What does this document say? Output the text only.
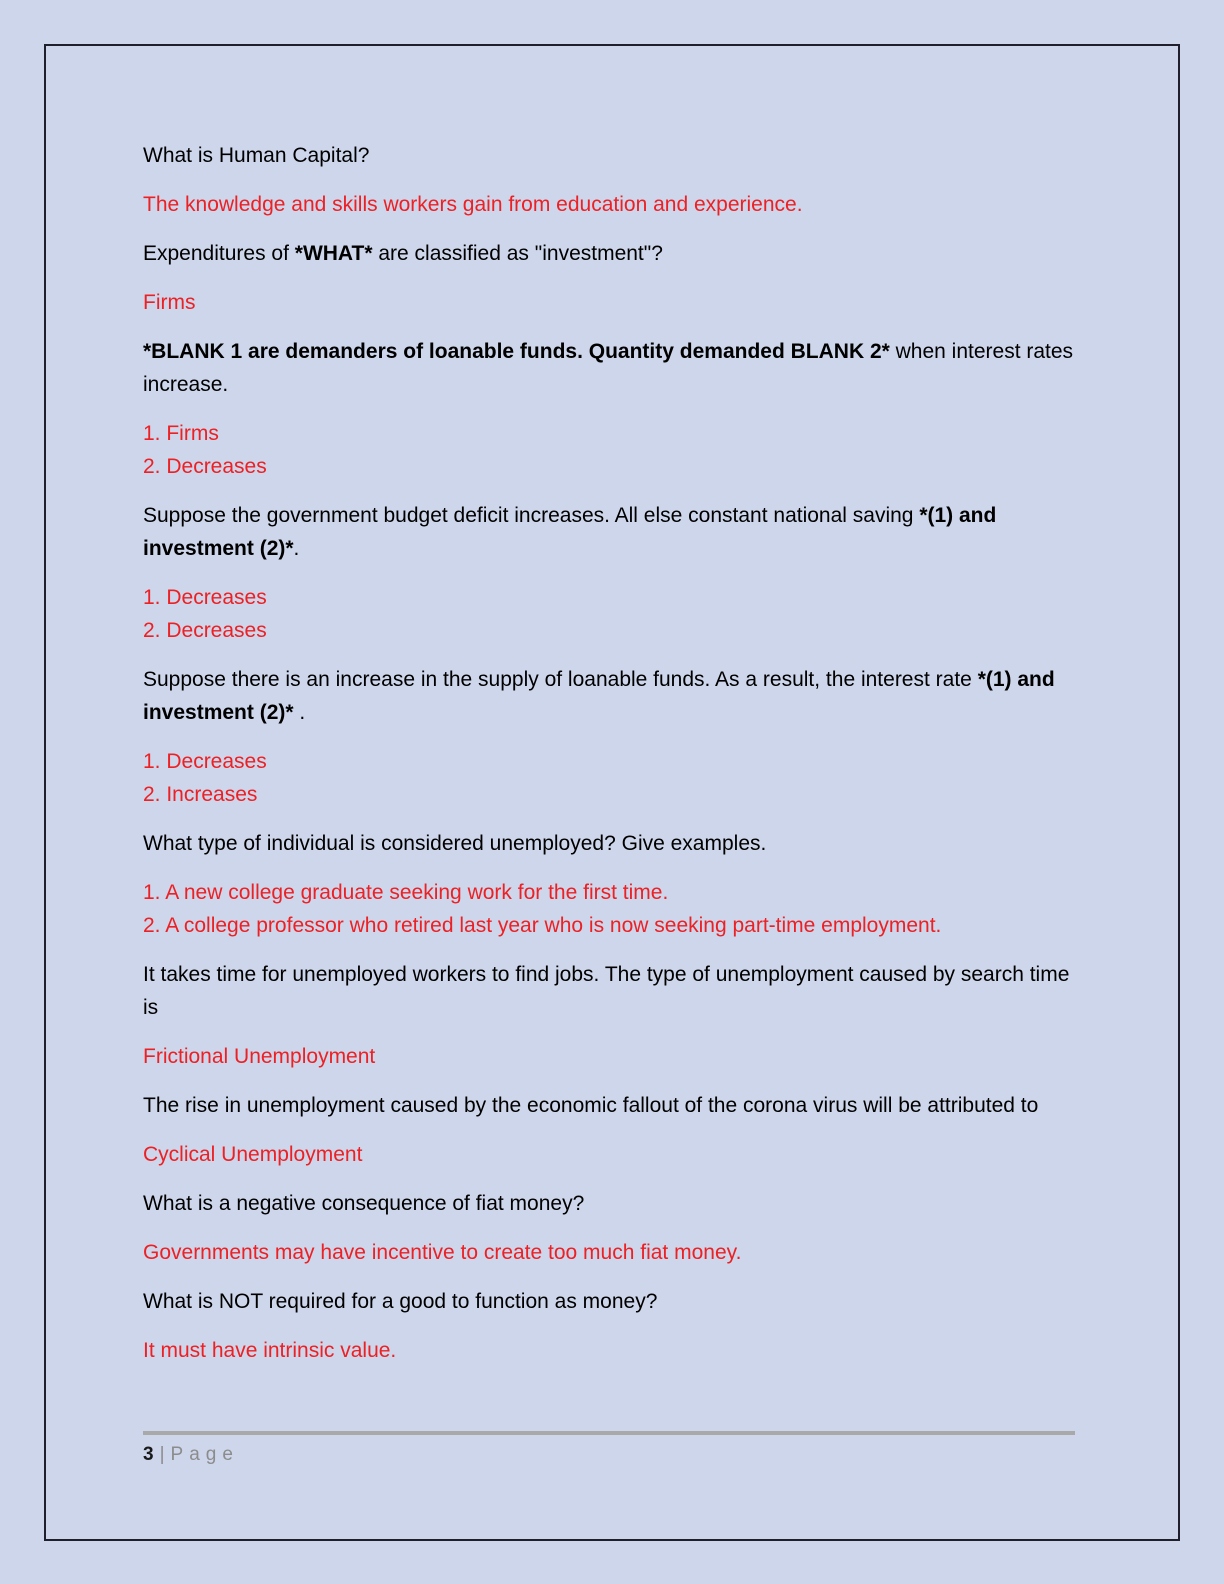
What is Human Capital?

The knowledge and skills workers gain from education and experience.

Expenditures of *WHAT* are classified as "investment"?

Firms

*BLANK 1 are demanders of loanable funds. Quantity demanded BLANK 2* when interest rates increase.

1. Firms
2. Decreases

Suppose the government budget deficit increases. All else constant national saving *(1) and investment (2)*.

1. Decreases
2. Decreases

Suppose there is an increase in the supply of loanable funds. As a result, the interest rate *(1) and investment (2)* .

1. Decreases
2. Increases

What type of individual is considered unemployed? Give examples.

1. A new college graduate seeking work for the first time.
2. A college professor who retired last year who is now seeking part-time employment.

It takes time for unemployed workers to find jobs. The type of unemployment caused by search time is

Frictional Unemployment

The rise in unemployment caused by the economic fallout of the corona virus will be attributed to

Cyclical Unemployment

What is a negative consequence of fiat money?

Governments may have incentive to create too much fiat money.

What is NOT required for a good to function as money?

It must have intrinsic value.

3 | Page
